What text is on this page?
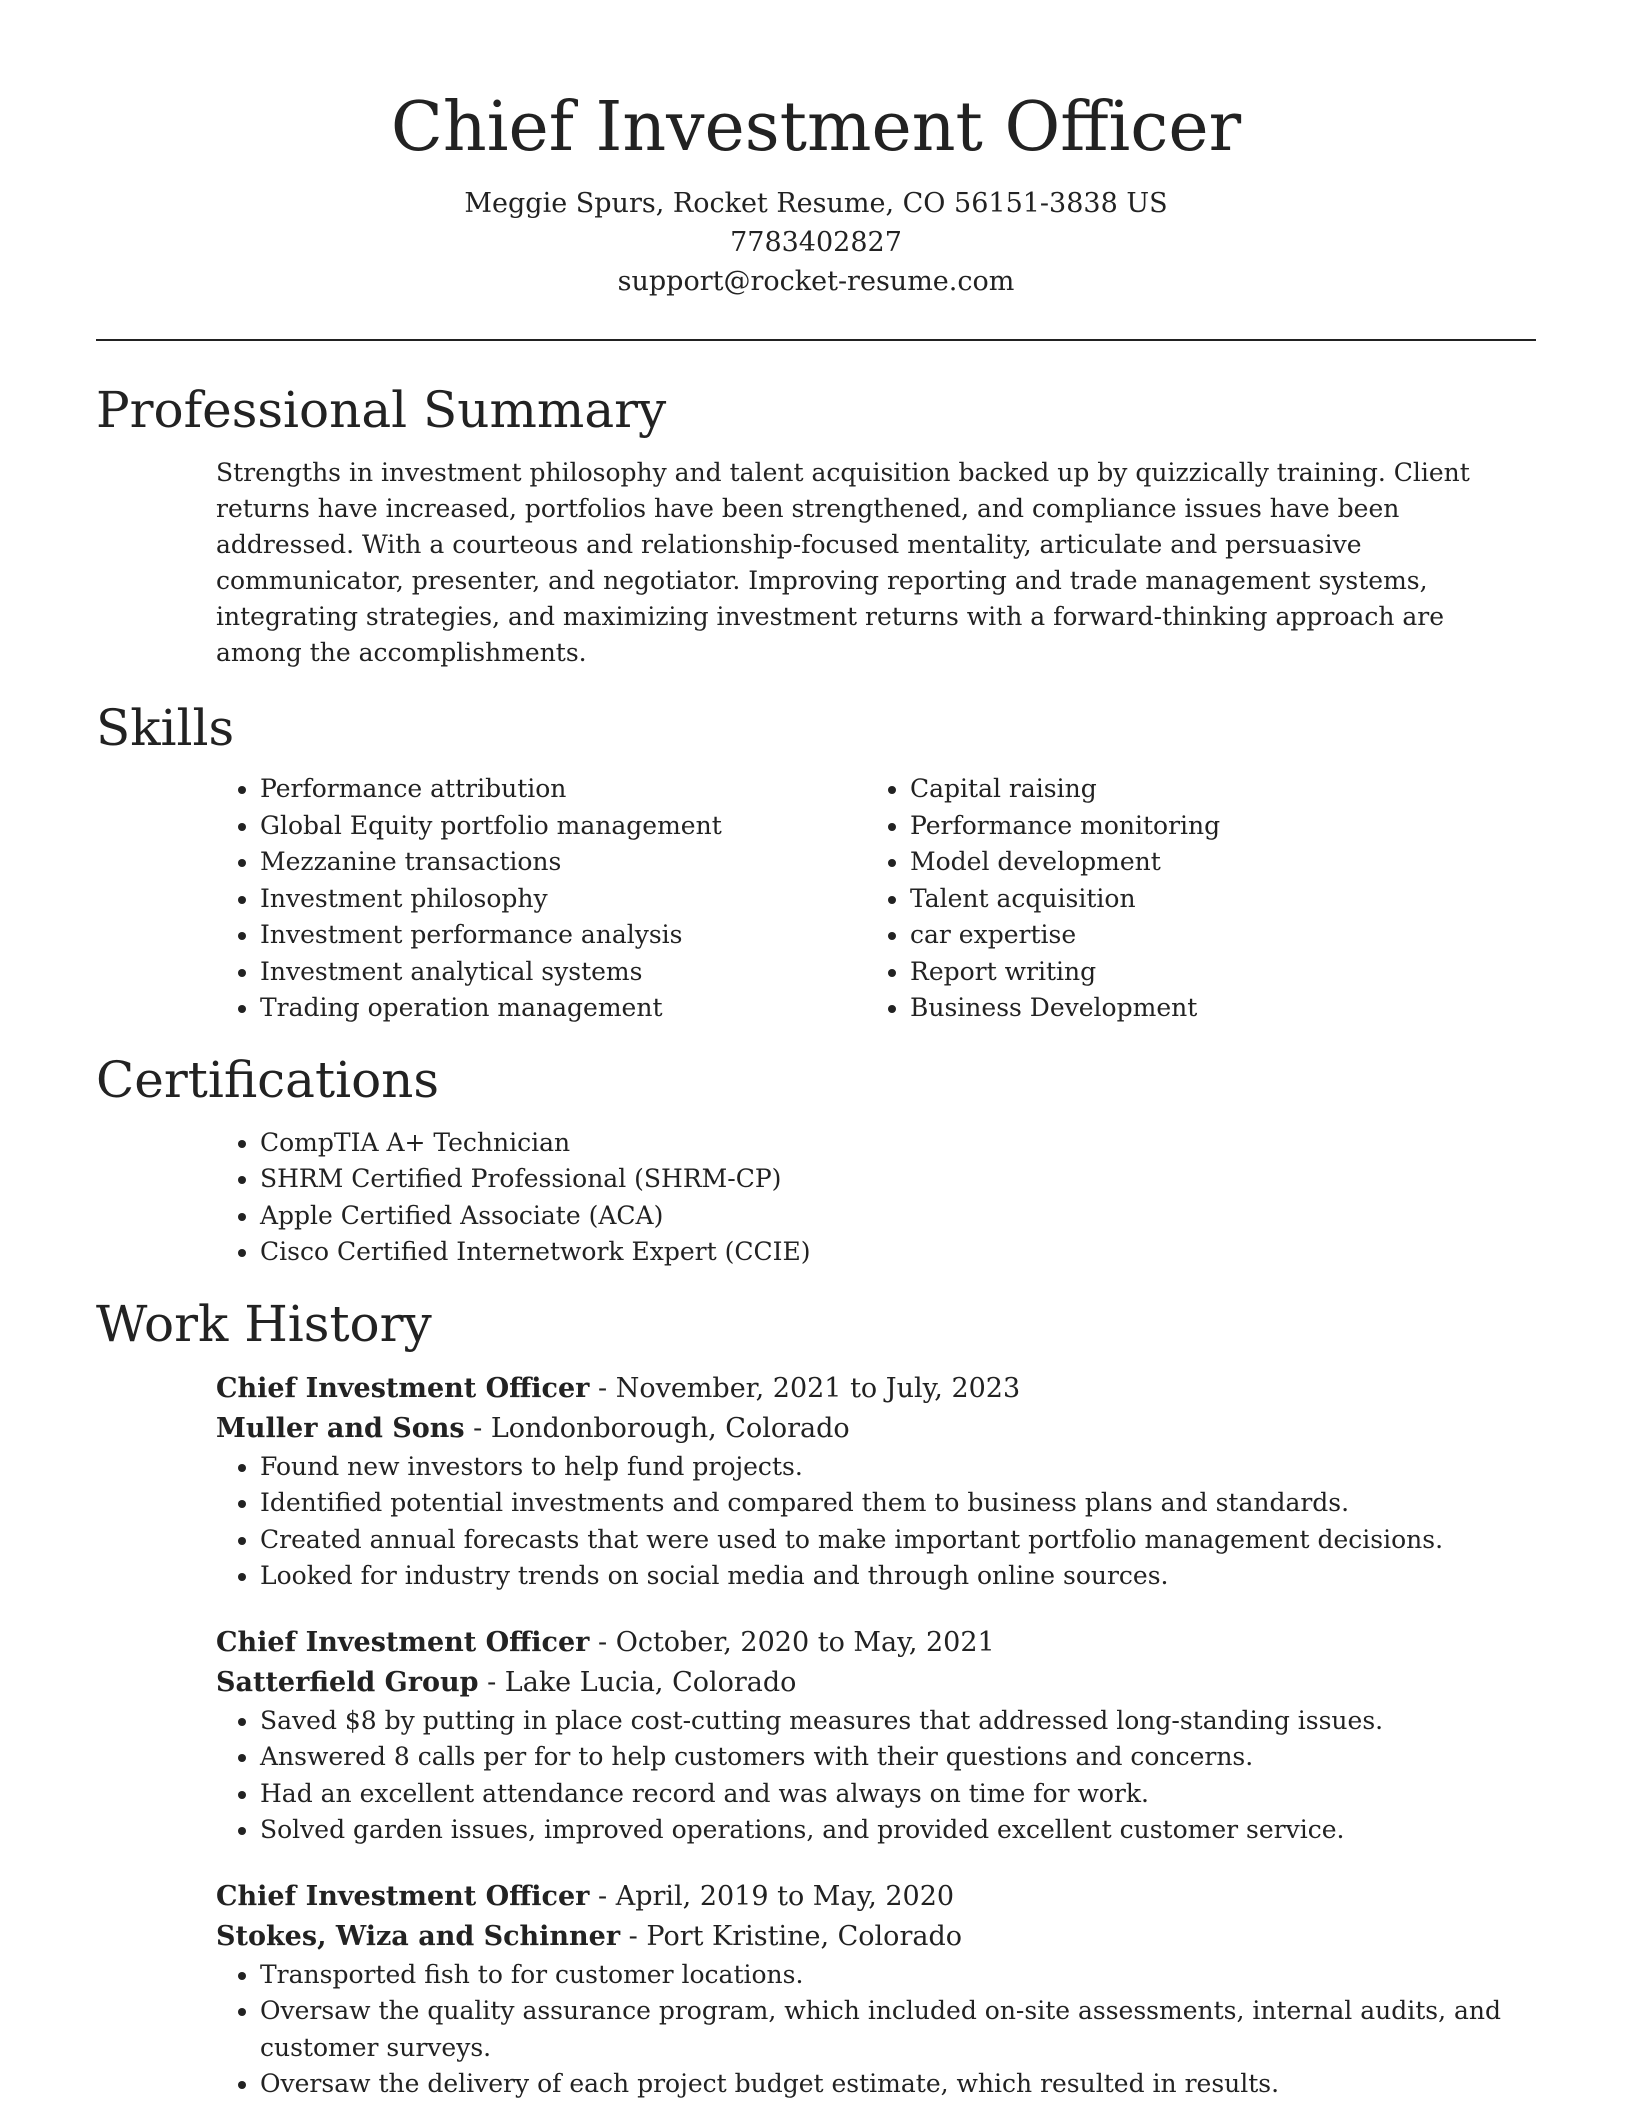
Chief Investment Officer
Meggie Spurs, Rocket Resume, CO 56151-3838 US
7783402827
support@rocket-resume.com
Professional Summary

Strengths in investment philosophy and talent acquisition backed up by quizzically training. Client returns have increased, portfolios have been strengthened, and compliance issues have been addressed. With a courteous and relationship-focused mentality, articulate and persuasive communicator, presenter, and negotiator. Improving reporting and trade management systems, integrating strategies, and maximizing investment returns with a forward-thinking approach are among the accomplishments.

Skills
• Performance attribution
• Global Equity portfolio management
• Mezzanine transactions
• Investment philosophy
• Investment performance analysis
• Investment analytical systems
• Trading operation management
• Capital raising
• Performance monitoring
• Model development
• Talent acquisition
• car expertise
• Report writing
• Business Development
Certifications
• CompTIA A+ Technician
• SHRM Certified Professional (SHRM-CP)
• Apple Certified Associate (ACA)
• Cisco Certified Internetwork Expert (CCIE)
Work History
Chief Investment Officer - November, 2021 to July, 2023
Muller and Sons - Londonborough, Colorado
• Found new investors to help fund projects.
• Identified potential investments and compared them to business plans and standards.
• Created annual forecasts that were used to make important portfolio management decisions.
• Looked for industry trends on social media and through online sources.
Chief Investment Officer - October, 2020 to May, 2021
Satterfield Group - Lake Lucia, Colorado
• Saved $8 by putting in place cost-cutting measures that addressed long-standing issues.
• Answered 8 calls per for to help customers with their questions and concerns.
• Had an excellent attendance record and was always on time for work.
• Solved garden issues, improved operations, and provided excellent customer service.
Chief Investment Officer - April, 2019 to May, 2020
Stokes, Wiza and Schinner - Port Kristine, Colorado
• Transported fish to for customer locations.
• Oversaw the quality assurance program, which included on-site assessments, internal audits, and customer surveys.
• Oversaw the delivery of each project budget estimate, which resulted in results.
